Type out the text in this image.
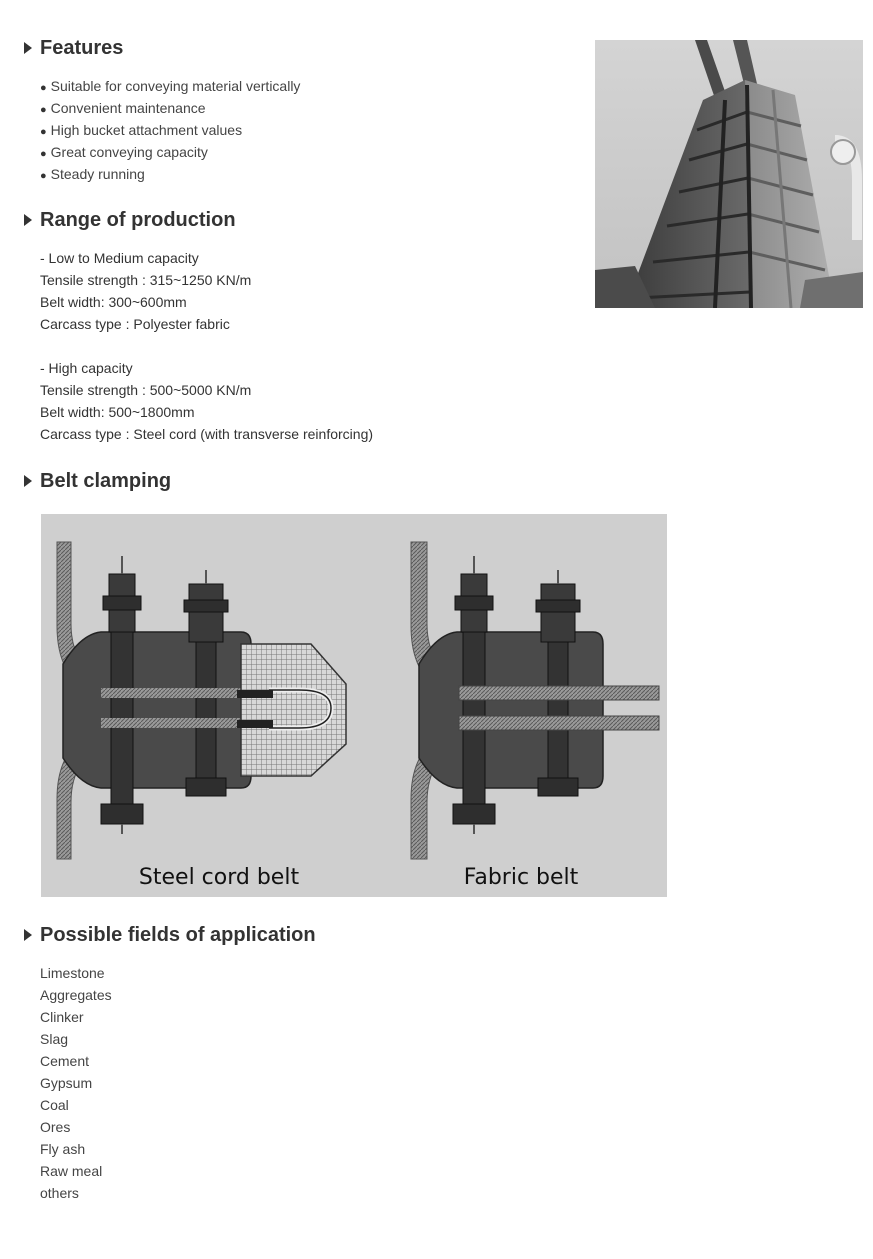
Features
● Suitable for conveying material vertically
● Convenient maintenance
● High bucket attachment values
● Great conveying capacity
● Steady running
Range of production
- Low to Medium capacity
Tensile strength : 315~1250 KN/m
Belt width: 300~600mm
Carcass type : Polyester fabric
- High capacity
Tensile strength : 500~5000 KN/m
Belt width: 500~1800mm
Carcass type : Steel cord (with transverse reinforcing)
Belt clamping
Steel cord belt	Fabric belt
Possible fields of application
Limestone
Aggregates
Clinker
Slag
Cement
Gypsum
Coal
Ores
Fly ash
Raw meal
others
